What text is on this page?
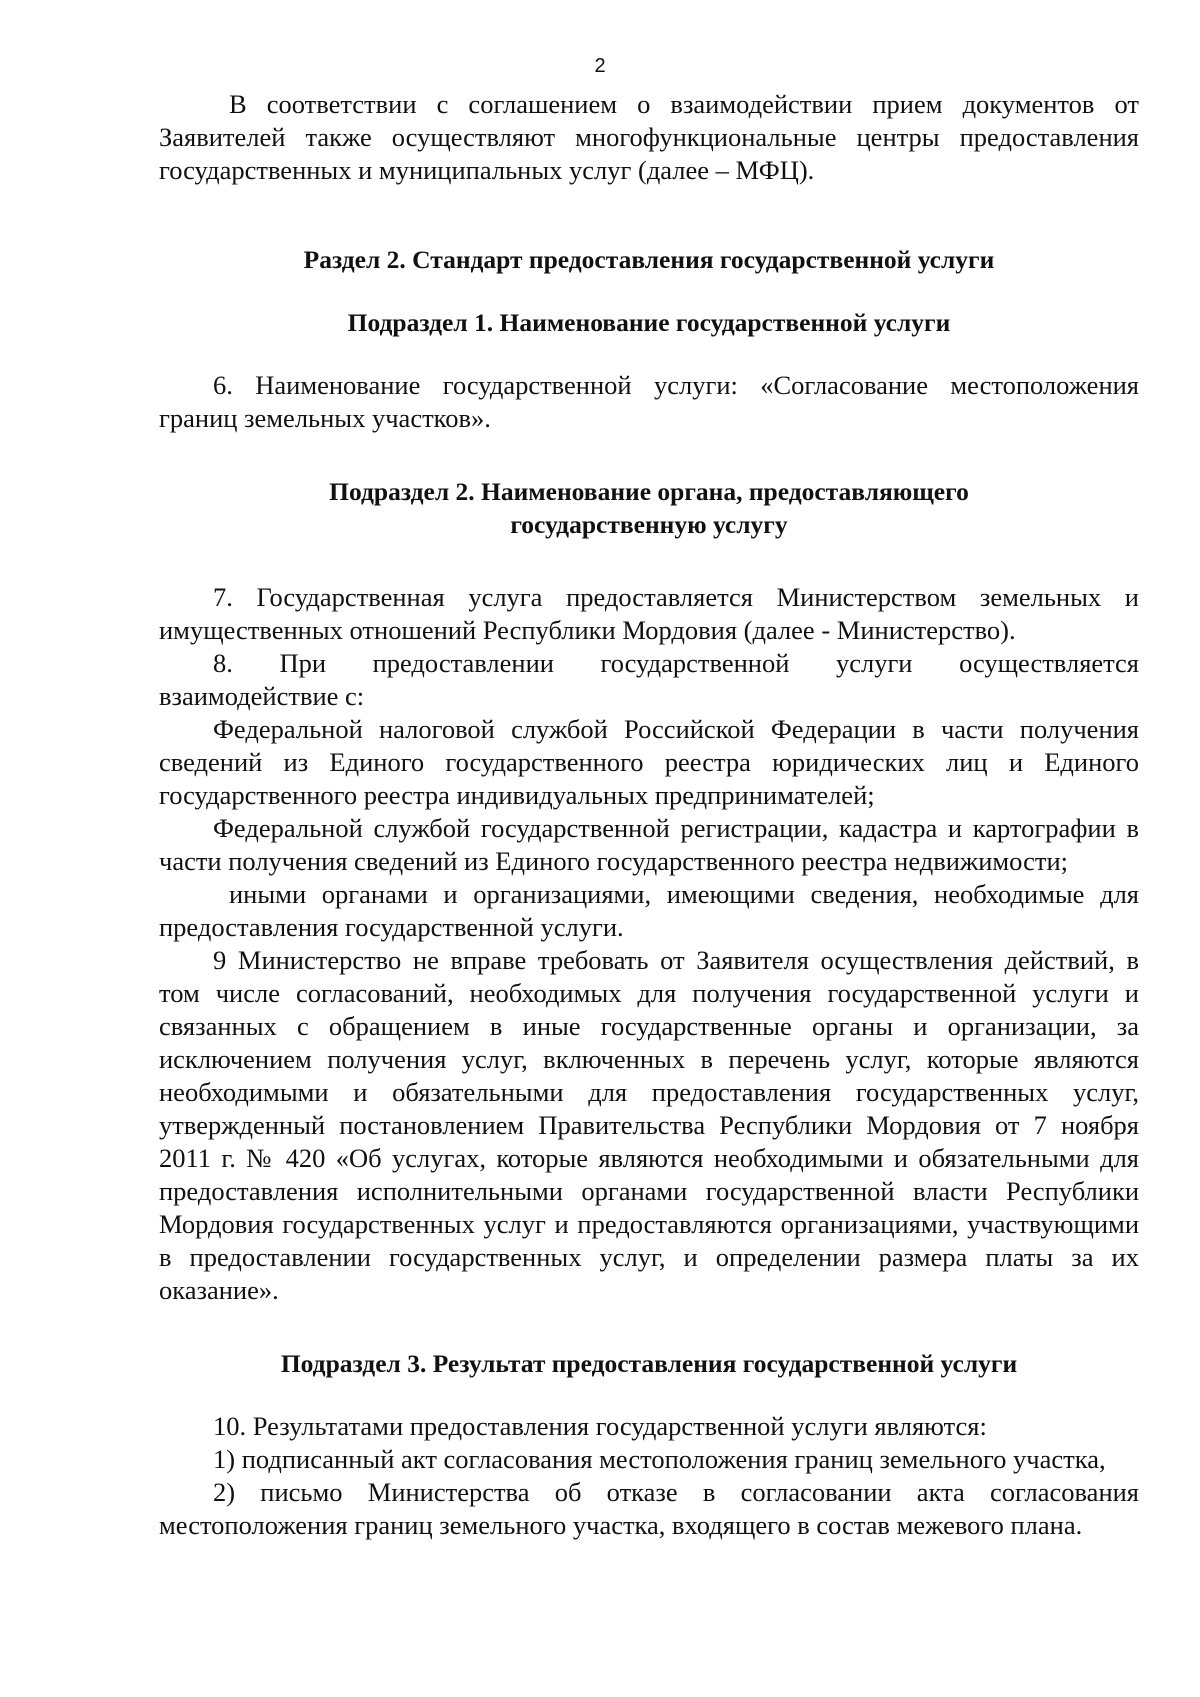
2

В соответствии с соглашением о взаимодействии прием документов от Заявителей также осуществляют многофункциональные центры предоставления государственных и муниципальных услуг (далее – МФЦ).

Раздел 2. Стандарт предоставления государственной услуги
Подраздел 1. Наименование государственной услуги

6. Наименование государственной услуги: «Согласование местоположения границ земельных участков».

Подраздел 2. Наименование органа, предоставляющего
государственную услугу

7. Государственная услуга предоставляется Министерством земельных и имущественных отношений Республики Мордовия (далее - Министерство).

8. При предоставлении государственной услуги осуществляется

взаимодействие с:

Федеральной налоговой службой Российской Федерации в части получения сведений из Единого государственного реестра юридических лиц и Единого государственного реестра индивидуальных предпринимателей;

Федеральной службой государственной регистрации, кадастра и картографии в части получения сведений из Единого государственного реестра недвижимости;

иными органами и организациями, имеющими сведения, необходимые для предоставления государственной услуги.

9 Министерство не вправе требовать от Заявителя осуществления действий, в том числе согласований, необходимых для получения государственной услуги и связанных с обращением в иные государственные органы и организации, за исключением получения услуг, включенных в перечень услуг, которые являются необходимыми и обязательными для предоставления государственных услуг, утвержденный постановлением Правительства Республики Мордовия от 7 ноября 2011 г. № 420 «Об услугах, которые являются необходимыми и обязательными для предоставления исполнительными органами государственной власти Республики Мордовия государственных услуг и предоставляются организациями, участвующими в предоставлении государственных услуг, и определении размера платы за их оказание».

Подраздел 3. Результат предоставления государственной услуги

10. Результатами предоставления государственной услуги являются:

1) подписанный акт согласования местоположения границ земельного участка,

2) письмо Министерства об отказе в согласовании акта согласования местоположения границ земельного участка, входящего в состав межевого плана.
